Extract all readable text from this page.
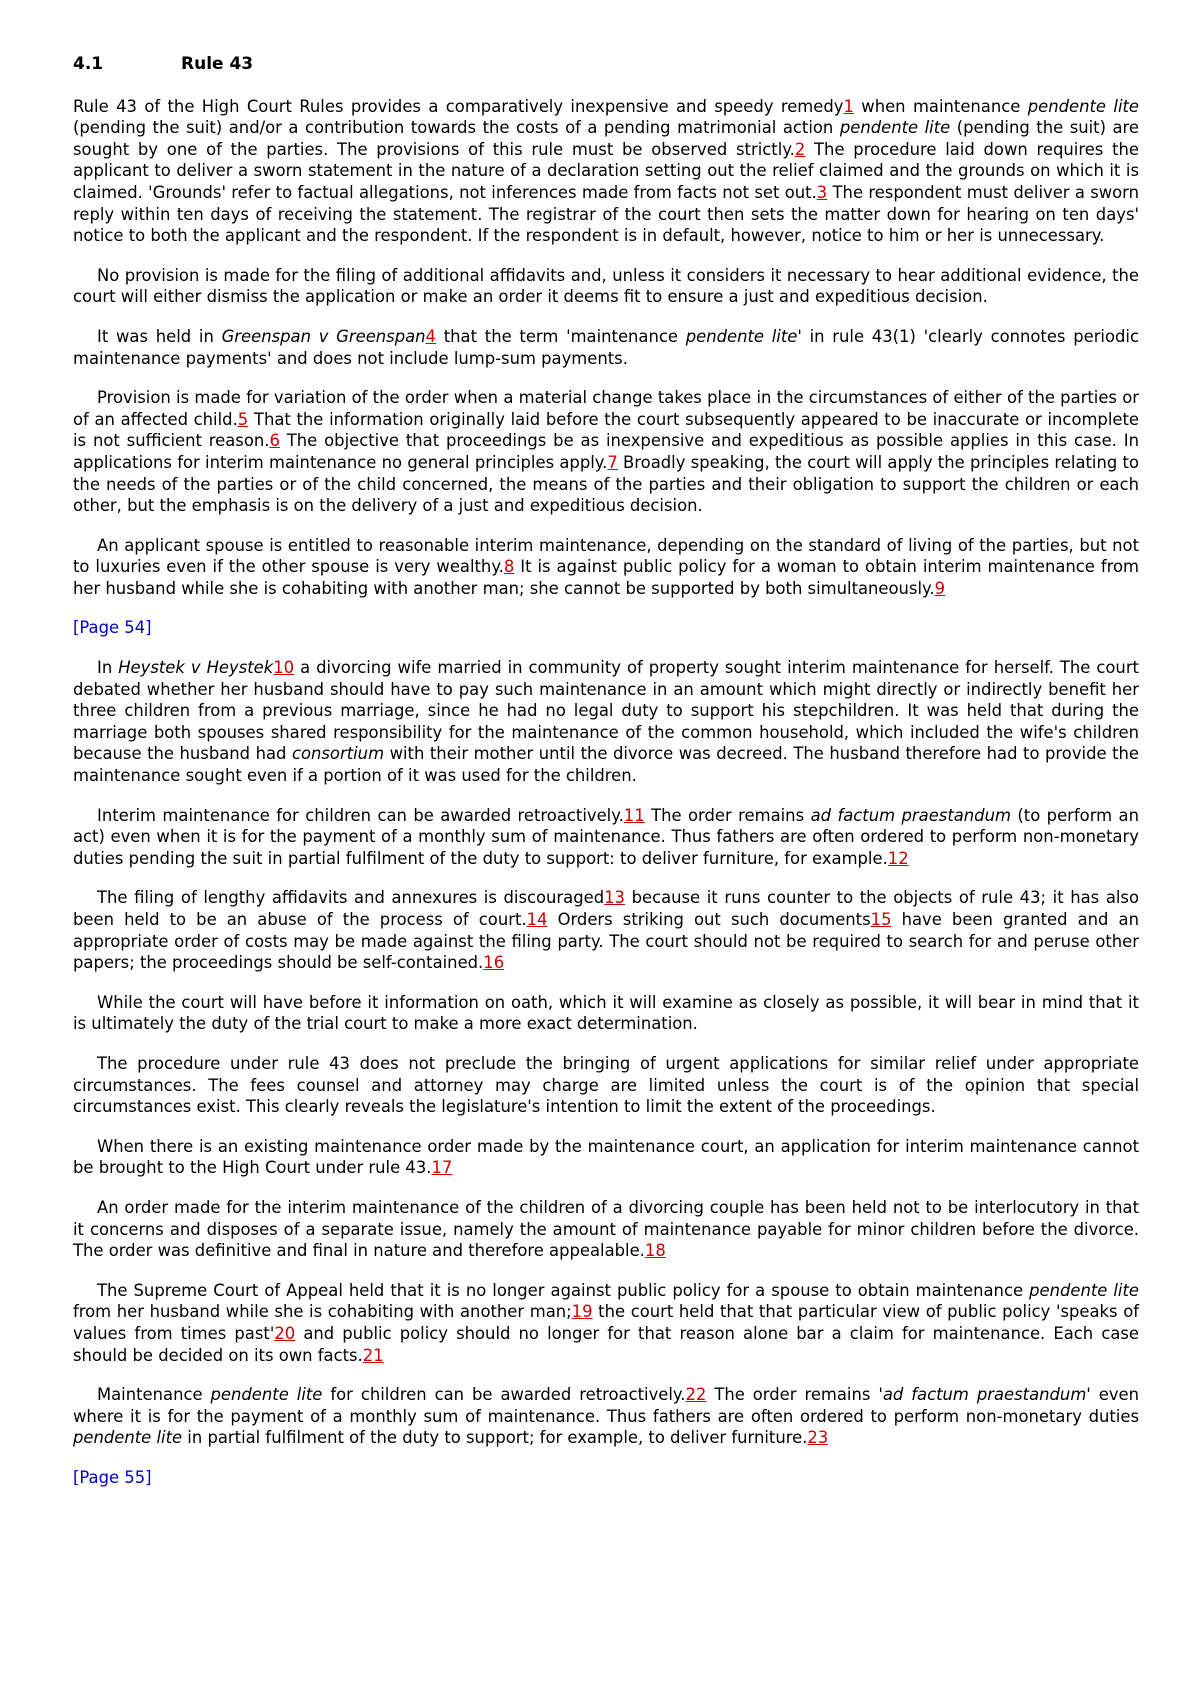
4.1	Rule 43

Rule 43 of the High Court Rules provides a comparatively inexpensive and speedy remedy1 when maintenance pendente lite (pending the suit) and/or a contribution towards the costs of a pending matrimonial action pendente lite (pending the suit) are sought by one of the parties. The provisions of this rule must be observed strictly.2 The procedure laid down requires the applicant to deliver a sworn statement in the nature of a declaration setting out the relief claimed and the grounds on which it is claimed. 'Grounds' refer to factual allegations, not inferences made from facts not set out.3 The respondent must deliver a sworn reply within ten days of receiving the statement. The registrar of the court then sets the matter down for hearing on ten days' notice to both the applicant and the respondent. If the respondent is in default, however, notice to him or her is unnecessary.

No provision is made for the filing of additional affidavits and, unless it considers it necessary to hear additional evidence, the court will either dismiss the application or make an order it deems fit to ensure a just and expeditious decision.

It was held in Greenspan v Greenspan4 that the term 'maintenance pendente lite' in rule 43(1) 'clearly connotes periodic maintenance payments' and does not include lump-sum payments.

Provision is made for variation of the order when a material change takes place in the circumstances of either of the parties or of an affected child.5 That the information originally laid before the court subsequently appeared to be inaccurate or incomplete is not sufficient reason.6 The objective that proceedings be as inexpensive and expeditious as possible applies in this case. In applications for interim maintenance no general principles apply.7 Broadly speaking, the court will apply the principles relating to the needs of the parties or of the child concerned, the means of the parties and their obligation to support the children or each other, but the emphasis is on the delivery of a just and expeditious decision.

An applicant spouse is entitled to reasonable interim maintenance, depending on the standard of living of the parties, but not to luxuries even if the other spouse is very wealthy.8 It is against public policy for a woman to obtain interim maintenance from her husband while she is cohabiting with another man; she cannot be supported by both simultaneously.9

[Page 54]

In Heystek v Heystek10 a divorcing wife married in community of property sought interim maintenance for herself. The court debated whether her husband should have to pay such maintenance in an amount which might directly or indirectly benefit her three children from a previous marriage, since he had no legal duty to support his stepchildren. It was held that during the marriage both spouses shared responsibility for the maintenance of the common household, which included the wife's children because the husband had consortium with their mother until the divorce was decreed. The husband therefore had to provide the maintenance sought even if a portion of it was used for the children.

Interim maintenance for children can be awarded retroactively.11 The order remains ad factum praestandum (to perform an act) even when it is for the payment of a monthly sum of maintenance. Thus fathers are often ordered to perform non-monetary duties pending the suit in partial fulfilment of the duty to support: to deliver furniture, for example.12

The filing of lengthy affidavits and annexures is discouraged13 because it runs counter to the objects of rule 43; it has also been held to be an abuse of the process of court.14 Orders striking out such documents15 have been granted and an appropriate order of costs may be made against the filing party. The court should not be required to search for and peruse other papers; the proceedings should be self-contained.16

While the court will have before it information on oath, which it will examine as closely as possible, it will bear in mind that it is ultimately the duty of the trial court to make a more exact determination.

The procedure under rule 43 does not preclude the bringing of urgent applications for similar relief under appropriate circumstances. The fees counsel and attorney may charge are limited unless the court is of the opinion that special circumstances exist. This clearly reveals the legislature's intention to limit the extent of the proceedings.

When there is an existing maintenance order made by the maintenance court, an application for interim maintenance cannot be brought to the High Court under rule 43.17

An order made for the interim maintenance of the children of a divorcing couple has been held not to be interlocutory in that it concerns and disposes of a separate issue, namely the amount of maintenance payable for minor children before the divorce. The order was definitive and final in nature and therefore appealable.18

The Supreme Court of Appeal held that it is no longer against public policy for a spouse to obtain maintenance pendente lite from her husband while she is cohabiting with another man;19 the court held that that particular view of public policy 'speaks of values from times past'20 and public policy should no longer for that reason alone bar a claim for maintenance. Each case should be decided on its own facts.21

Maintenance pendente lite for children can be awarded retroactively.22 The order remains 'ad factum praestandum' even where it is for the payment of a monthly sum of maintenance. Thus fathers are often ordered to perform non-monetary duties pendente lite in partial fulfilment of the duty to support; for example, to deliver furniture.23

[Page 55]
